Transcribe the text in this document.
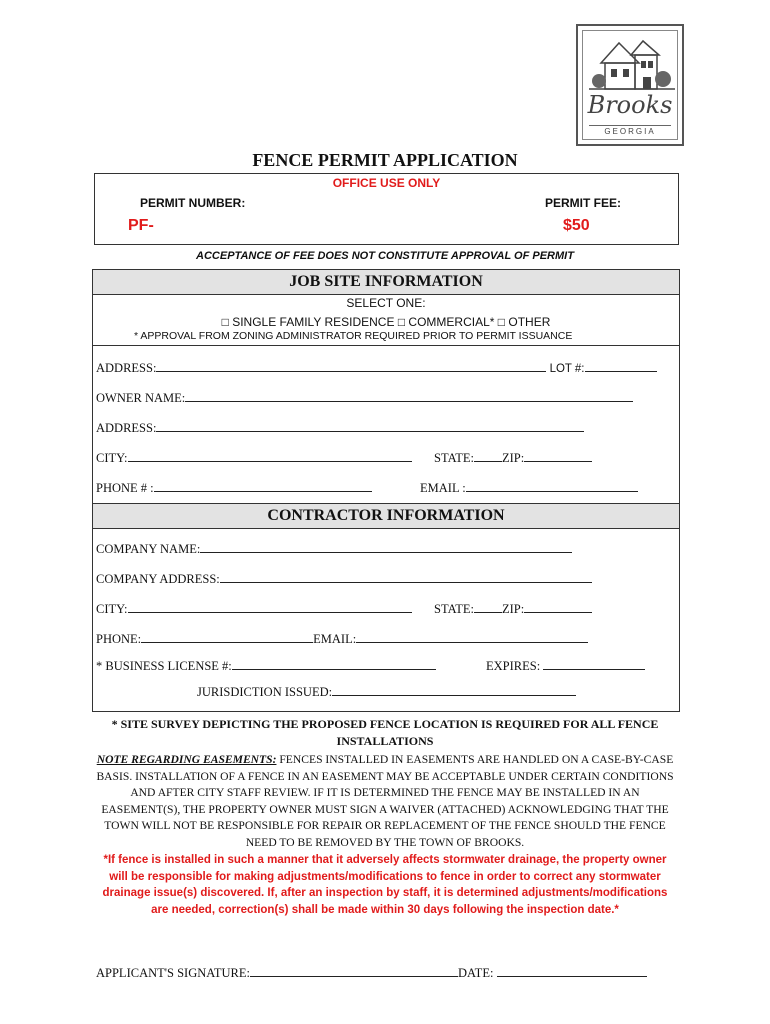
Brooks
GEORGIA
FENCE PERMIT APPLICATION
OFFICE USE ONLY
PERMIT NUMBER:	PERMIT FEE:
PF-	$50
ACCEPTANCE OF FEE DOES NOT CONSTITUTE APPROVAL OF PERMIT
JOB SITE INFORMATION
SELECT ONE:
□ SINGLE FAMILY RESIDENCE □ COMMERCIAL* □ OTHER
* APPROVAL FROM ZONING ADMINISTRATOR REQUIRED PRIOR TO PERMIT ISSUANCE
ADDRESS:	LOT #:
OWNER NAME:
ADDRESS:
CITY:	STATE: ZIP:
PHONE # :	EMAIL :
CONTRACTOR INFORMATION
COMPANY NAME:
COMPANY ADDRESS:
CITY:	STATE: ZIP:
PHONE:	EMAIL:
* BUSINESS LICENSE #:	EXPIRES:
JURISDICTION ISSUED:
* SITE SURVEY DEPICTING THE PROPOSED FENCE LOCATION IS REQUIRED FOR ALL FENCE INSTALLATIONS
NOTE REGARDING EASEMENTS: FENCES INSTALLED IN EASEMENTS ARE HANDLED ON A CASE-BY-CASE BASIS. INSTALLATION OF A FENCE IN AN EASEMENT MAY BE ACCEPTABLE UNDER CERTAIN CONDITIONS AND AFTER CITY STAFF REVIEW. IF IT IS DETERMINED THE FENCE MAY BE INSTALLED IN AN EASEMENT(S), THE PROPERTY OWNER MUST SIGN A WAIVER (ATTACHED) ACKNOWLEDGING THAT THE TOWN WILL NOT BE RESPONSIBLE FOR REPAIR OR REPLACEMENT OF THE FENCE SHOULD THE FENCE NEED TO BE REMOVED BY THE TOWN OF BROOKS.
*If fence is installed in such a manner that it adversely affects stormwater drainage, the property owner will be responsible for making adjustments/modifications to fence in order to correct any stormwater drainage issue(s) discovered. If, after an inspection by staff, it is determined adjustments/modifications are needed, correction(s) shall be made within 30 days following the inspection date.*
APPLICANT'S SIGNATURE:	DATE:
